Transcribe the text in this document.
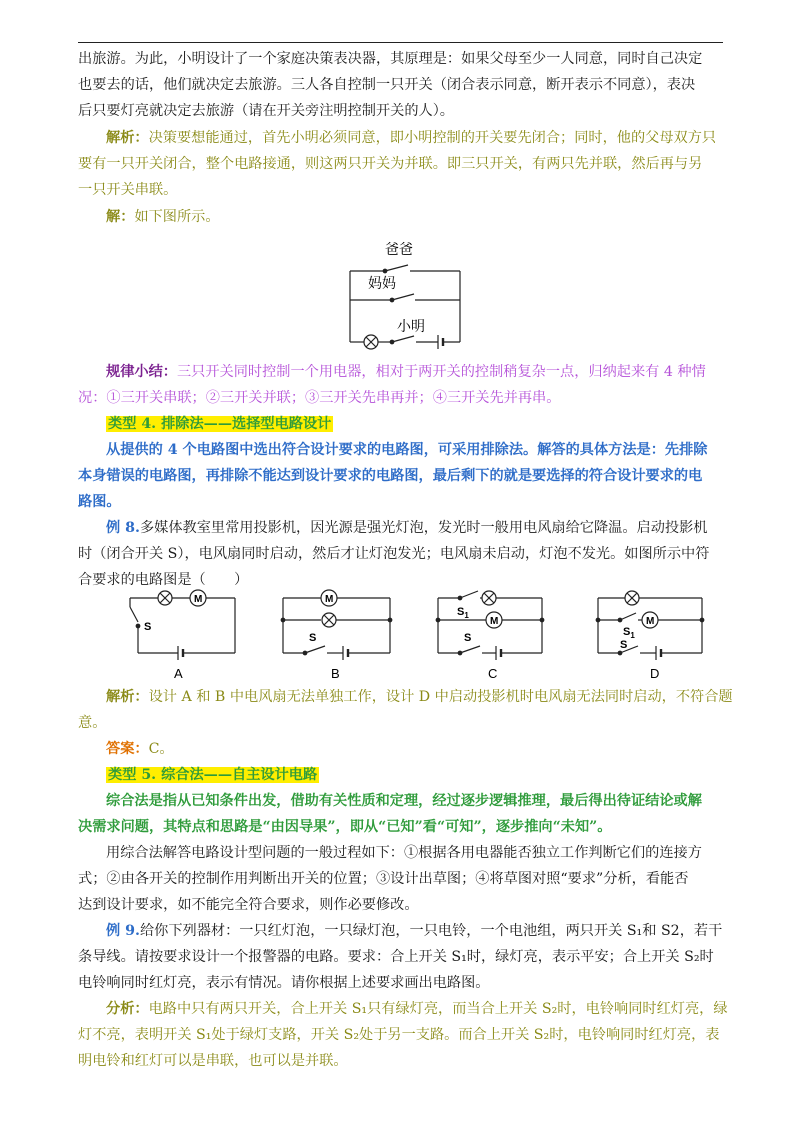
出旅游。为此，小明设计了一个家庭决策表决器，其原理是：如果父母至少一人同意，同时自己决定
也要去的话，他们就决定去旅游。三人各自控制一只开关（闭合表示同意，断开表示不同意），表决
后只要灯亮就决定去旅游（请在开关旁注明控制开关的人）。
解析：决策要想能通过，首先小明必须同意，即小明控制的开关要先闭合；同时，他的父母双方只
要有一只开关闭合，整个电路接通，则这两只开关为并联。即三只开关，有两只先并联，然后再与另
一只开关串联。
解：如下图所示。
爸爸
妈妈
小明
规律小结：三只开关同时控制一个用电器，相对于两开关的控制稍复杂一点，归纳起来有 4 种情
况：①三开关串联；②三开关并联；③三开关先串再并；④三开关先并再串。
类型 4. 排除法——选择型电路设计
从提供的 4 个电路图中选出符合设计要求的电路图，可采用排除法。解答的具体方法是：先排除
本身错误的电路图，再排除不能达到设计要求的电路图，最后剩下的就是要选择的符合设计要求的电
路图。
例 8.多媒体教室里常用投影机，因光源是强光灯泡，发光时一般用电风扇给它降温。启动投影机
时（闭合开关 S），电风扇同时启动，然后才让灯泡发光；电风扇未启动，灯泡不发光。如图所示中符
合要求的电路图是（　　）
M
S
A
M
S
B
$S_1$
M
S
C
$S_1$
M
S
D
解析：设计 A 和 B 中电风扇无法单独工作，设计 D 中启动投影机时电风扇无法同时启动，不符合题
意。
答案：C。
类型 5. 综合法——自主设计电路
综合法是指从已知条件出发，借助有关性质和定理，经过逐步逻辑推理，最后得出待证结论或解
决需求问题，其特点和思路是“由因导果”，即从“已知”看“可知”，逐步推向“未知”。
用综合法解答电路设计型问题的一般过程如下：①根据各用电器能否独立工作判断它们的连接方
式；②由各开关的控制作用判断出开关的位置；③设计出草图；④将草图对照“要求”分析，看能否
达到设计要求，如不能完全符合要求，则作必要修改。
例 9.给你下列器材：一只红灯泡，一只绿灯泡，一只电铃，一个电池组，两只开关 S₁和 S2，若干
条导线。请按要求设计一个报警器的电路。要求：合上开关 S₁时，绿灯亮，表示平安；合上开关 S₂时
电铃响同时红灯亮，表示有情况。请你根据上述要求画出电路图。
分析：电路中只有两只开关，合上开关 S₁只有绿灯亮，而当合上开关 S₂时，电铃响同时红灯亮，绿
灯不亮，表明开关 S₁处于绿灯支路，开关 S₂处于另一支路。而合上开关 S₂时，电铃响同时红灯亮，表
明电铃和红灯可以是串联，也可以是并联。
